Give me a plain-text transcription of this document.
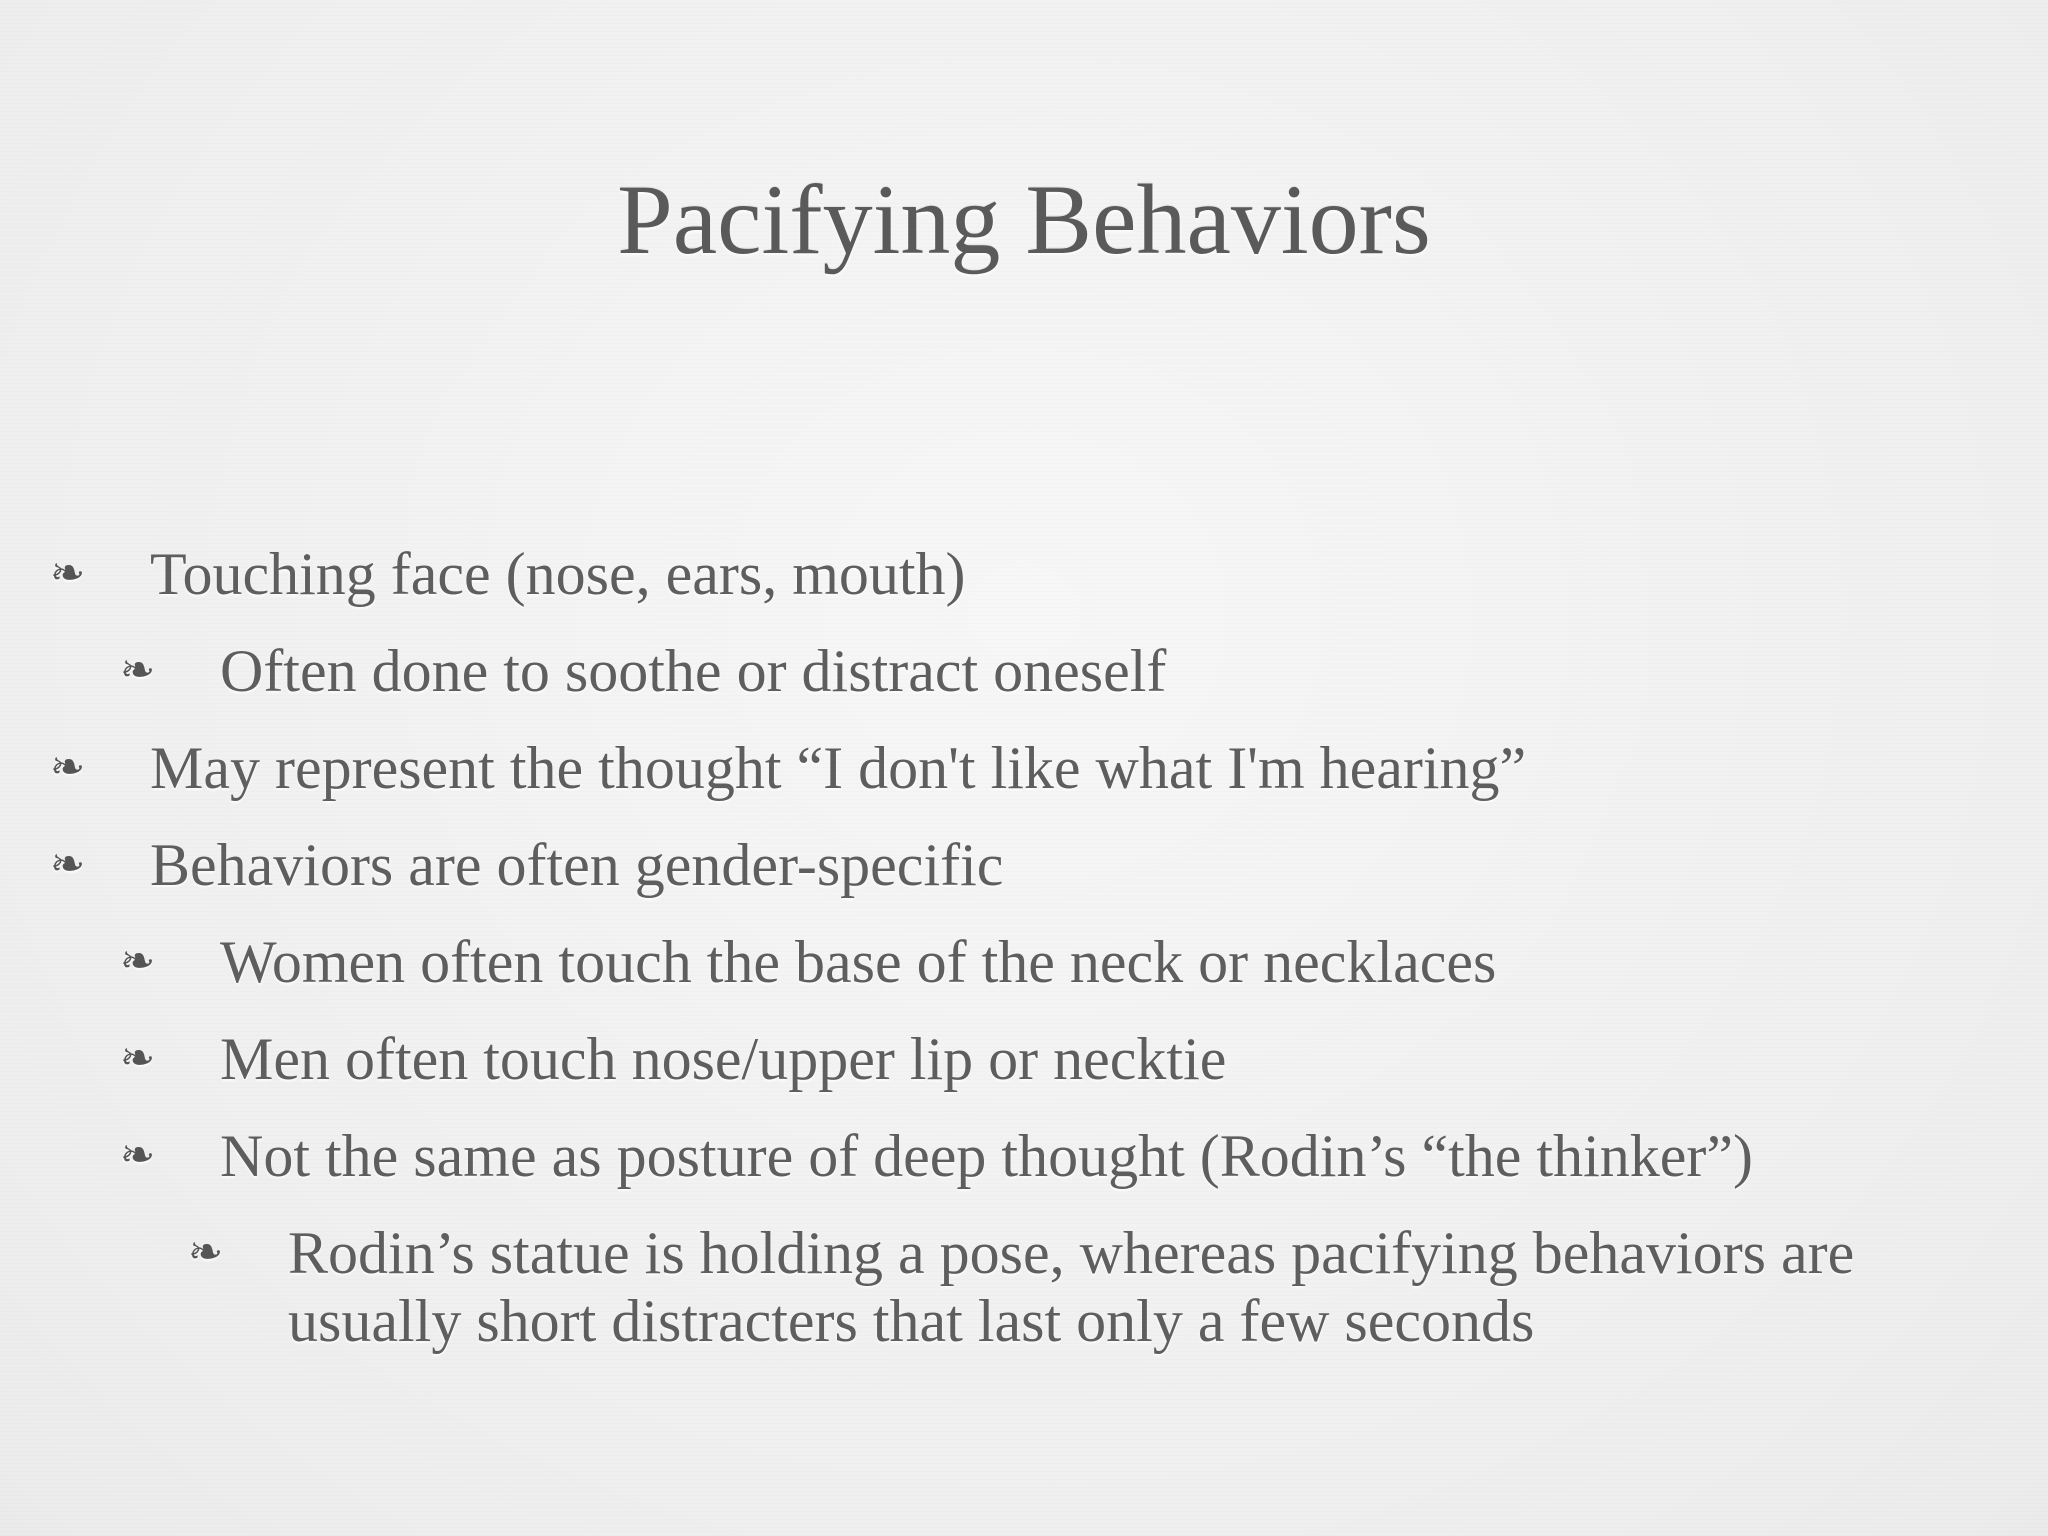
Pacifying Behaviors
❧ Touching face (nose, ears, mouth)
❧ Often done to soothe or distract oneself
❧ May represent the thought “I don't like what I'm hearing”
❧ Behaviors are often gender-specific
❧ Women often touch the base of the neck or necklaces
❧ Men often touch nose/upper lip or necktie
❧ Not the same as posture of deep thought (Rodin’s “the thinker”)
❧ Rodin’s statue is holding a pose, whereas pacifying behaviors are usually short distracters that last only a few seconds
